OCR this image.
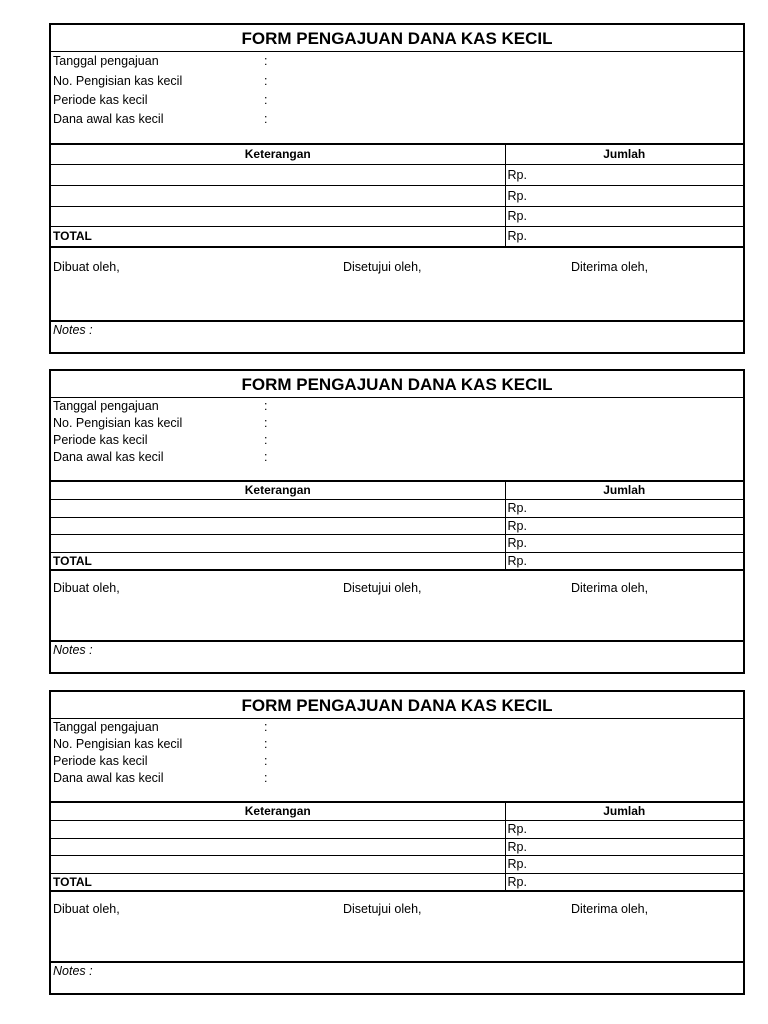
FORM PENGAJUAN DANA KAS KECIL
Tanggal pengajuan	:
No. Pengisian kas kecil	:
Periode kas kecil	:
Dana awal kas kecil	:
Keterangan	Jumlah
	Rp.
	Rp.
	Rp.
TOTAL	Rp.
Dibuat oleh,	Disetujui oleh,	Diterima oleh,
Notes :
FORM PENGAJUAN DANA KAS KECIL
Tanggal pengajuan	:
No. Pengisian kas kecil	:
Periode kas kecil	:
Dana awal kas kecil	:
Keterangan	Jumlah
	Rp.
	Rp.
	Rp.
TOTAL	Rp.
Dibuat oleh,	Disetujui oleh,	Diterima oleh,
Notes :
FORM PENGAJUAN DANA KAS KECIL
Tanggal pengajuan	:
No. Pengisian kas kecil	:
Periode kas kecil	:
Dana awal kas kecil	:
Keterangan	Jumlah
	Rp.
	Rp.
	Rp.
TOTAL	Rp.
Dibuat oleh,	Disetujui oleh,	Diterima oleh,
Notes :
